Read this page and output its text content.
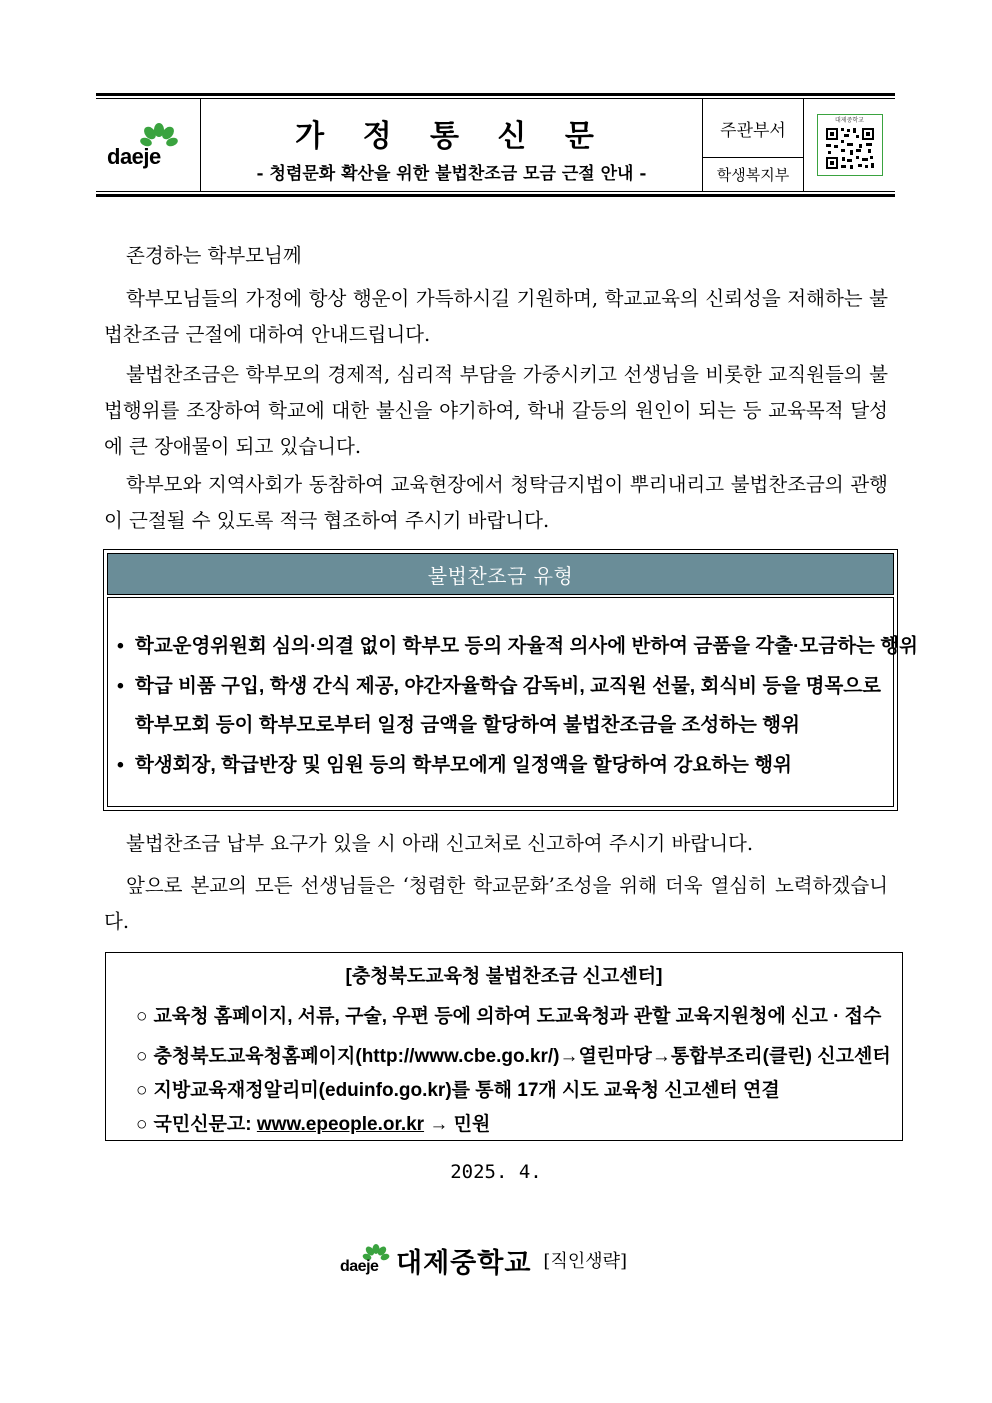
daeje
가 정 통 신 문
- 청렴문화 확산을 위한 불법찬조금 모금 근절 안내 -
주관부서
학생복지부
대제중학교
존경하는 학부모님께
학부모님들의 가정에 항상 행운이 가득하시길 기원하며, 학교교육의 신뢰성을 저해하는 불법찬조금 근절에 대하여 안내드립니다.
불법찬조금은 학부모의 경제적, 심리적 부담을 가중시키고 선생님을 비롯한 교직원들의 불법행위를 조장하여 학교에 대한 불신을 야기하여, 학내 갈등의 원인이 되는 등 교육목적 달성에 큰 장애물이 되고 있습니다.
학부모와 지역사회가 동참하여 교육현장에서 청탁금지법이 뿌리내리고 불법찬조금의 관행이 근절될 수 있도록 적극 협조하여 주시기 바랍니다.
불법찬조금 유형
• 학교운영위원회 심의·의결 없이 학부모 등의 자율적 의사에 반하여 금품을 각출·모금하는 행위
• 학급 비품 구입, 학생 간식 제공, 야간자율학습 감독비, 교직원 선물, 회식비 등을 명목으로
학부모회 등이 학부모로부터 일정 금액을 할당하여 불법찬조금을 조성하는 행위
• 학생회장, 학급반장 및 임원 등의 학부모에게 일정액을 할당하여 강요하는 행위
불법찬조금 납부 요구가 있을 시 아래 신고처로 신고하여 주시기 바랍니다.
앞으로 본교의 모든 선생님들은 ‘청렴한 학교문화’조성을 위해 더욱 열심히 노력하겠습니다.
[충청북도교육청 불법찬조금 신고센터]
○ 교육청 홈페이지, 서류, 구술, 우편 등에 의하여 도교육청과 관할 교육지원청에 신고 · 접수
○ 충청북도교육청홈페이지(http://www.cbe.go.kr/)→열린마당→통합부조리(클린) 신고센터
○ 지방교육재정알리미(eduinfo.go.kr)를 통해 17개 시도 교육청 신고센터 연결
○ 국민신문고: www.epeople.or.kr → 민원
2025. 4.
daeje 대제중학교 [직인생략]
